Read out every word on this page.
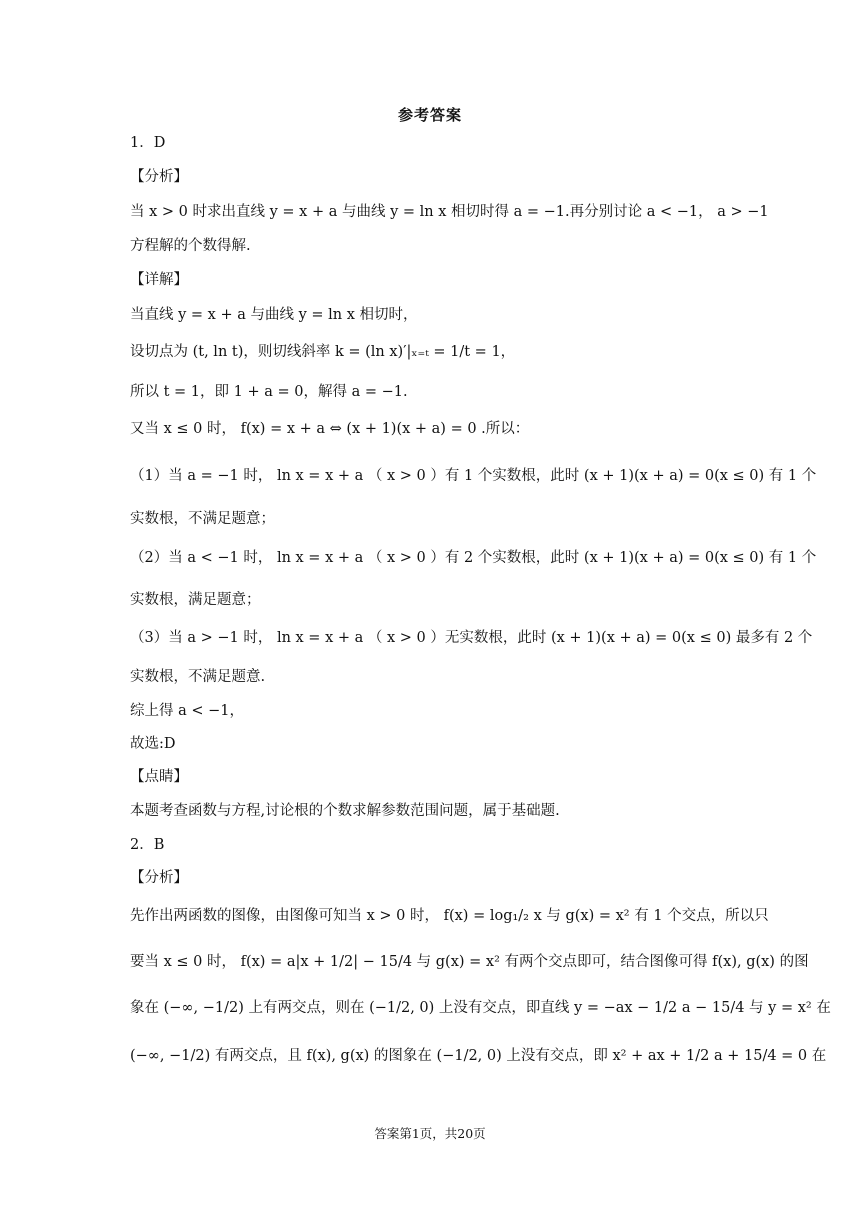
参考答案
1．D
【分析】
当 x > 0 时求出直线 y = x + a 与曲线 y = ln x 相切时得 a = −1.再分别讨论 a < −1， a > −1
方程解的个数得解.
【详解】
当直线 y = x + a 与曲线 y = ln x 相切时，
设切点为 (t, ln t)，则切线斜率 k = (ln x)′|ₓ₌ₜ = 1/t = 1，
所以 t = 1，即 1 + a = 0，解得 a = −1.
又当 x ≤ 0 时， f(x) = x + a ⇔ (x + 1)(x + a) = 0 .所以：
（1）当 a = −1 时， ln x = x + a （ x > 0 ）有 1 个实数根，此时 (x + 1)(x + a) = 0(x ≤ 0) 有 1 个
实数根，不满足题意；
（2）当 a < −1 时， ln x = x + a （ x > 0 ）有 2 个实数根，此时 (x + 1)(x + a) = 0(x ≤ 0) 有 1 个
实数根，满足题意；
（3）当 a > −1 时， ln x = x + a （ x > 0 ）无实数根，此时 (x + 1)(x + a) = 0(x ≤ 0) 最多有 2 个
实数根，不满足题意.
综上得 a < −1，
故选:D
【点睛】
本题考查函数与方程,讨论根的个数求解参数范围问题，属于基础题.
2．B
【分析】
先作出两函数的图像，由图像可知当 x > 0 时， f(x) = log₁/₂ x 与 g(x) = x² 有 1 个交点，所以只
要当 x ≤ 0 时， f(x) = a|x + 1/2| − 15/4 与 g(x) = x² 有两个交点即可，结合图像可得 f(x), g(x) 的图
象在 (−∞, −1/2) 上有两交点，则在 (−1/2, 0) 上没有交点，即直线 y = −ax − 1/2 a − 15/4 与 y = x² 在
(−∞, −1/2) 有两交点，且 f(x), g(x) 的图象在 (−1/2, 0) 上没有交点，即 x² + ax + 1/2 a + 15/4 = 0 在
答案第1页，共20页
